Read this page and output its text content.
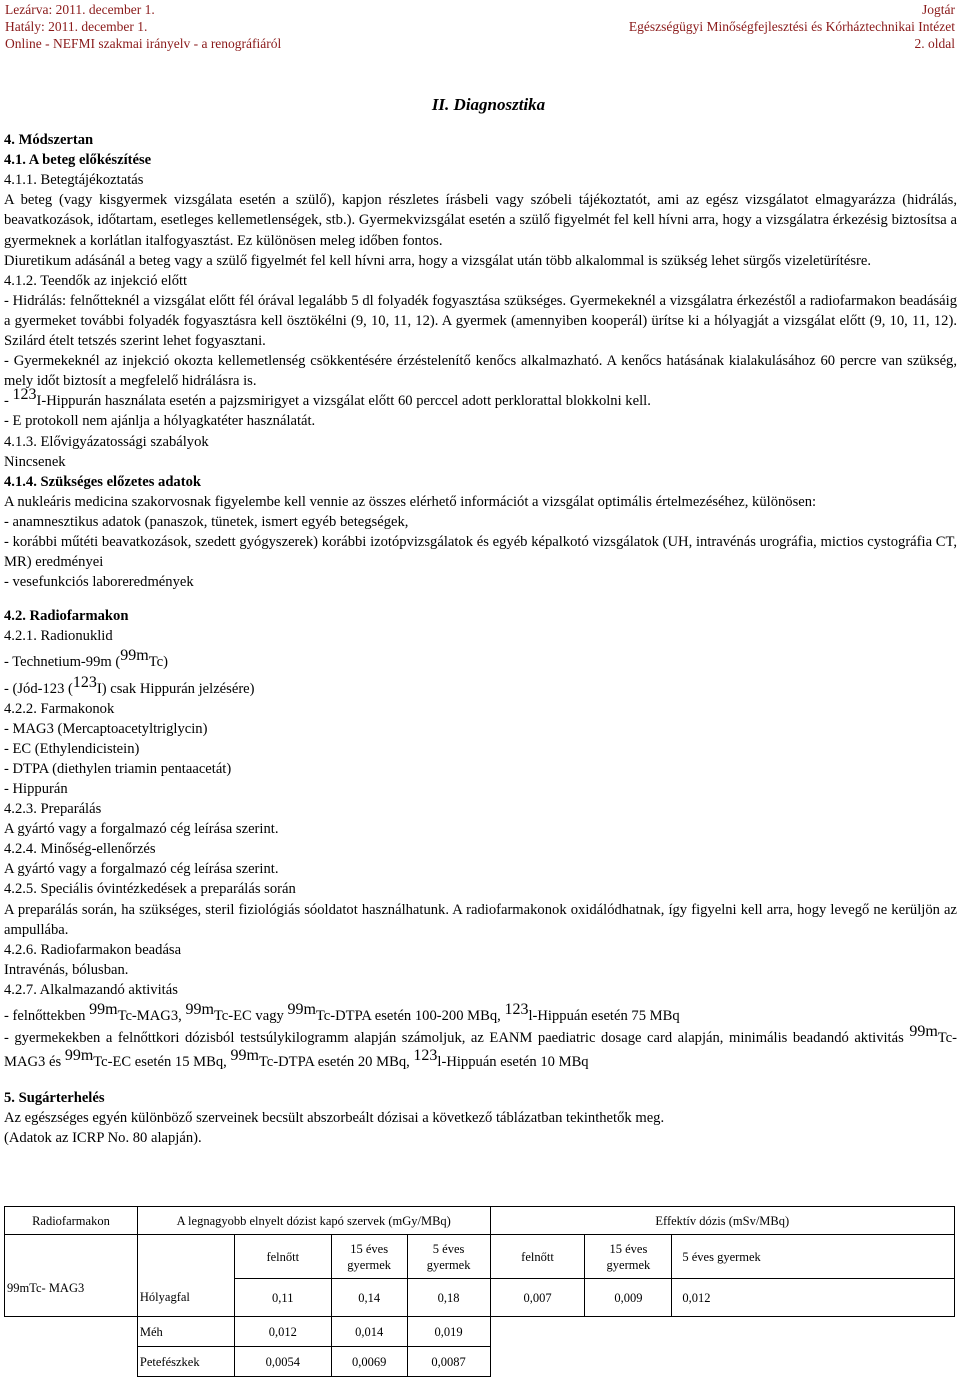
Lezárva: 2011. december 1.
Hatály: 2011. december 1.
Online - NEFMI szakmai irányelv - a renográfiáról
Jogtár
Egészségügyi Minőségfejlesztési és Kórháztechnikai Intézet
2. oldal

II. Diagnosztika

4. Módszertan

4.1. A beteg előkészítése

4.1.1. Betegtájékoztatás

A beteg (vagy kisgyermek vizsgálata esetén a szülő), kapjon részletes írásbeli vagy szóbeli tájékoztatót, ami az egész vizsgálatot elmagyarázza (hidrálás, beavatkozások, időtartam, esetleges kellemetlenségek, stb.). Gyermekvizsgálat esetén a szülő figyelmét fel kell hívni arra, hogy a vizsgálatra érkezésig biztosítsa a gyermeknek a korlátlan italfogyasztást. Ez különösen meleg időben fontos.

Diuretikum adásánál a beteg vagy a szülő figyelmét fel kell hívni arra, hogy a vizsgálat után több alkalommal is szükség lehet sürgős vizeletürítésre.

4.1.2. Teendők az injekció előtt

- Hidrálás: felnőtteknél a vizsgálat előtt fél órával legalább 5 dl folyadék fogyasztása szükséges. Gyermekeknél a vizsgálatra érkezéstől a radiofarmakon beadásáig a gyermeket további folyadék fogyasztásra kell ösztökélni (9, 10, 11, 12). A gyermek (amennyiben kooperál) ürítse ki a hólyagját a vizsgálat előtt (9, 10, 11, 12). Szilárd ételt tetszés szerint lehet fogyasztani.

- Gyermekeknél az injekció okozta kellemetlenség csökkentésére érzéstelenítő kenőcs alkalmazható. A kenőcs hatásának kialakulásához 60 percre van szükség, mely időt biztosít a megfelelő hidrálásra is.

- 123I-Hippurán használata esetén a pajzsmirigyet a vizsgálat előtt 60 perccel adott perklorattal blokkolni kell.

- E protokoll nem ajánlja a hólyagkatéter használatát.

4.1.3. Elővigyázatossági szabályok

Nincsenek

4.1.4. Szükséges előzetes adatok

A nukleáris medicina szakorvosnak figyelembe kell vennie az összes elérhető információt a vizsgálat optimális értelmezéséhez, különösen:

- anamnesztikus adatok (panaszok, tünetek, ismert egyéb betegségek,

- korábbi műtéti beavatkozások, szedett gyógyszerek) korábbi izotópvizsgálatok és egyéb képalkotó vizsgálatok (UH, intravénás urográfia, mictios cystográfia CT, MR) eredményei

- vesefunkciós laboreredmények

4.2. Radiofarmakon

4.2.1. Radionuklid

- Technetium-99m (99mTc)

- (Jód-123 (123I) csak Hippurán jelzésére)

4.2.2. Farmakonok

- MAG3 (Mercaptoacetyltriglycin)

- EC (Ethylendicistein)

- DTPA (diethylen triamin pentaacetát)

- Hippurán

4.2.3. Preparálás

A gyártó vagy a forgalmazó cég leírása szerint.

4.2.4. Minőség-ellenőrzés

A gyártó vagy a forgalmazó cég leírása szerint.

4.2.5. Speciális óvintézkedések a preparálás során

A preparálás során, ha szükséges, steril fiziológiás sóoldatot használhatunk. A radiofarmakonok oxidálódhatnak, így figyelni kell arra, hogy levegő ne kerüljön az ampullába.

4.2.6. Radiofarmakon beadása

Intravénás, bólusban.

4.2.7. Alkalmazandó aktivitás

- felnőttekben 99mTc-MAG3, 99mTc-EC vagy 99mTc-DTPA esetén 100-200 MBq, 123l-Hippuán esetén 75 MBq

- gyermekekben a felnőttkori dózisból testsúlykilogramm alapján számoljuk, az EANM paediatric dosage card alapján, minimális beadandó aktivitás 99mTc-MAG3 és 99mTc-EC esetén 15 MBq, 99mTc-DTPA esetén 20 MBq, 123l-Hippuán esetén 10 MBq

5. Sugárterhelés

Az egészséges egyén különböző szerveinek becsült abszorbeált dózisai a következő táblázatban tekinthetők meg.

(Adatok az ICRP No. 80 alapján).

Radiofarmakon	A legnagyobb elnyelt dózist kapó szervek (mGy/MBq)				Effektív dózis (mSv/MBq)		
99mTc- MAG3		felnőtt	15 éves gyermek	5 éves gyermek	felnőtt	15 éves gyermek	5 éves gyermek
	Hólyagfal	0,11	0,14	0,18	0,007	0,009	0,012
	Méh	0,012	0,014	0,019			
	Petefészkek	0,0054	0,0069	0,0087			
